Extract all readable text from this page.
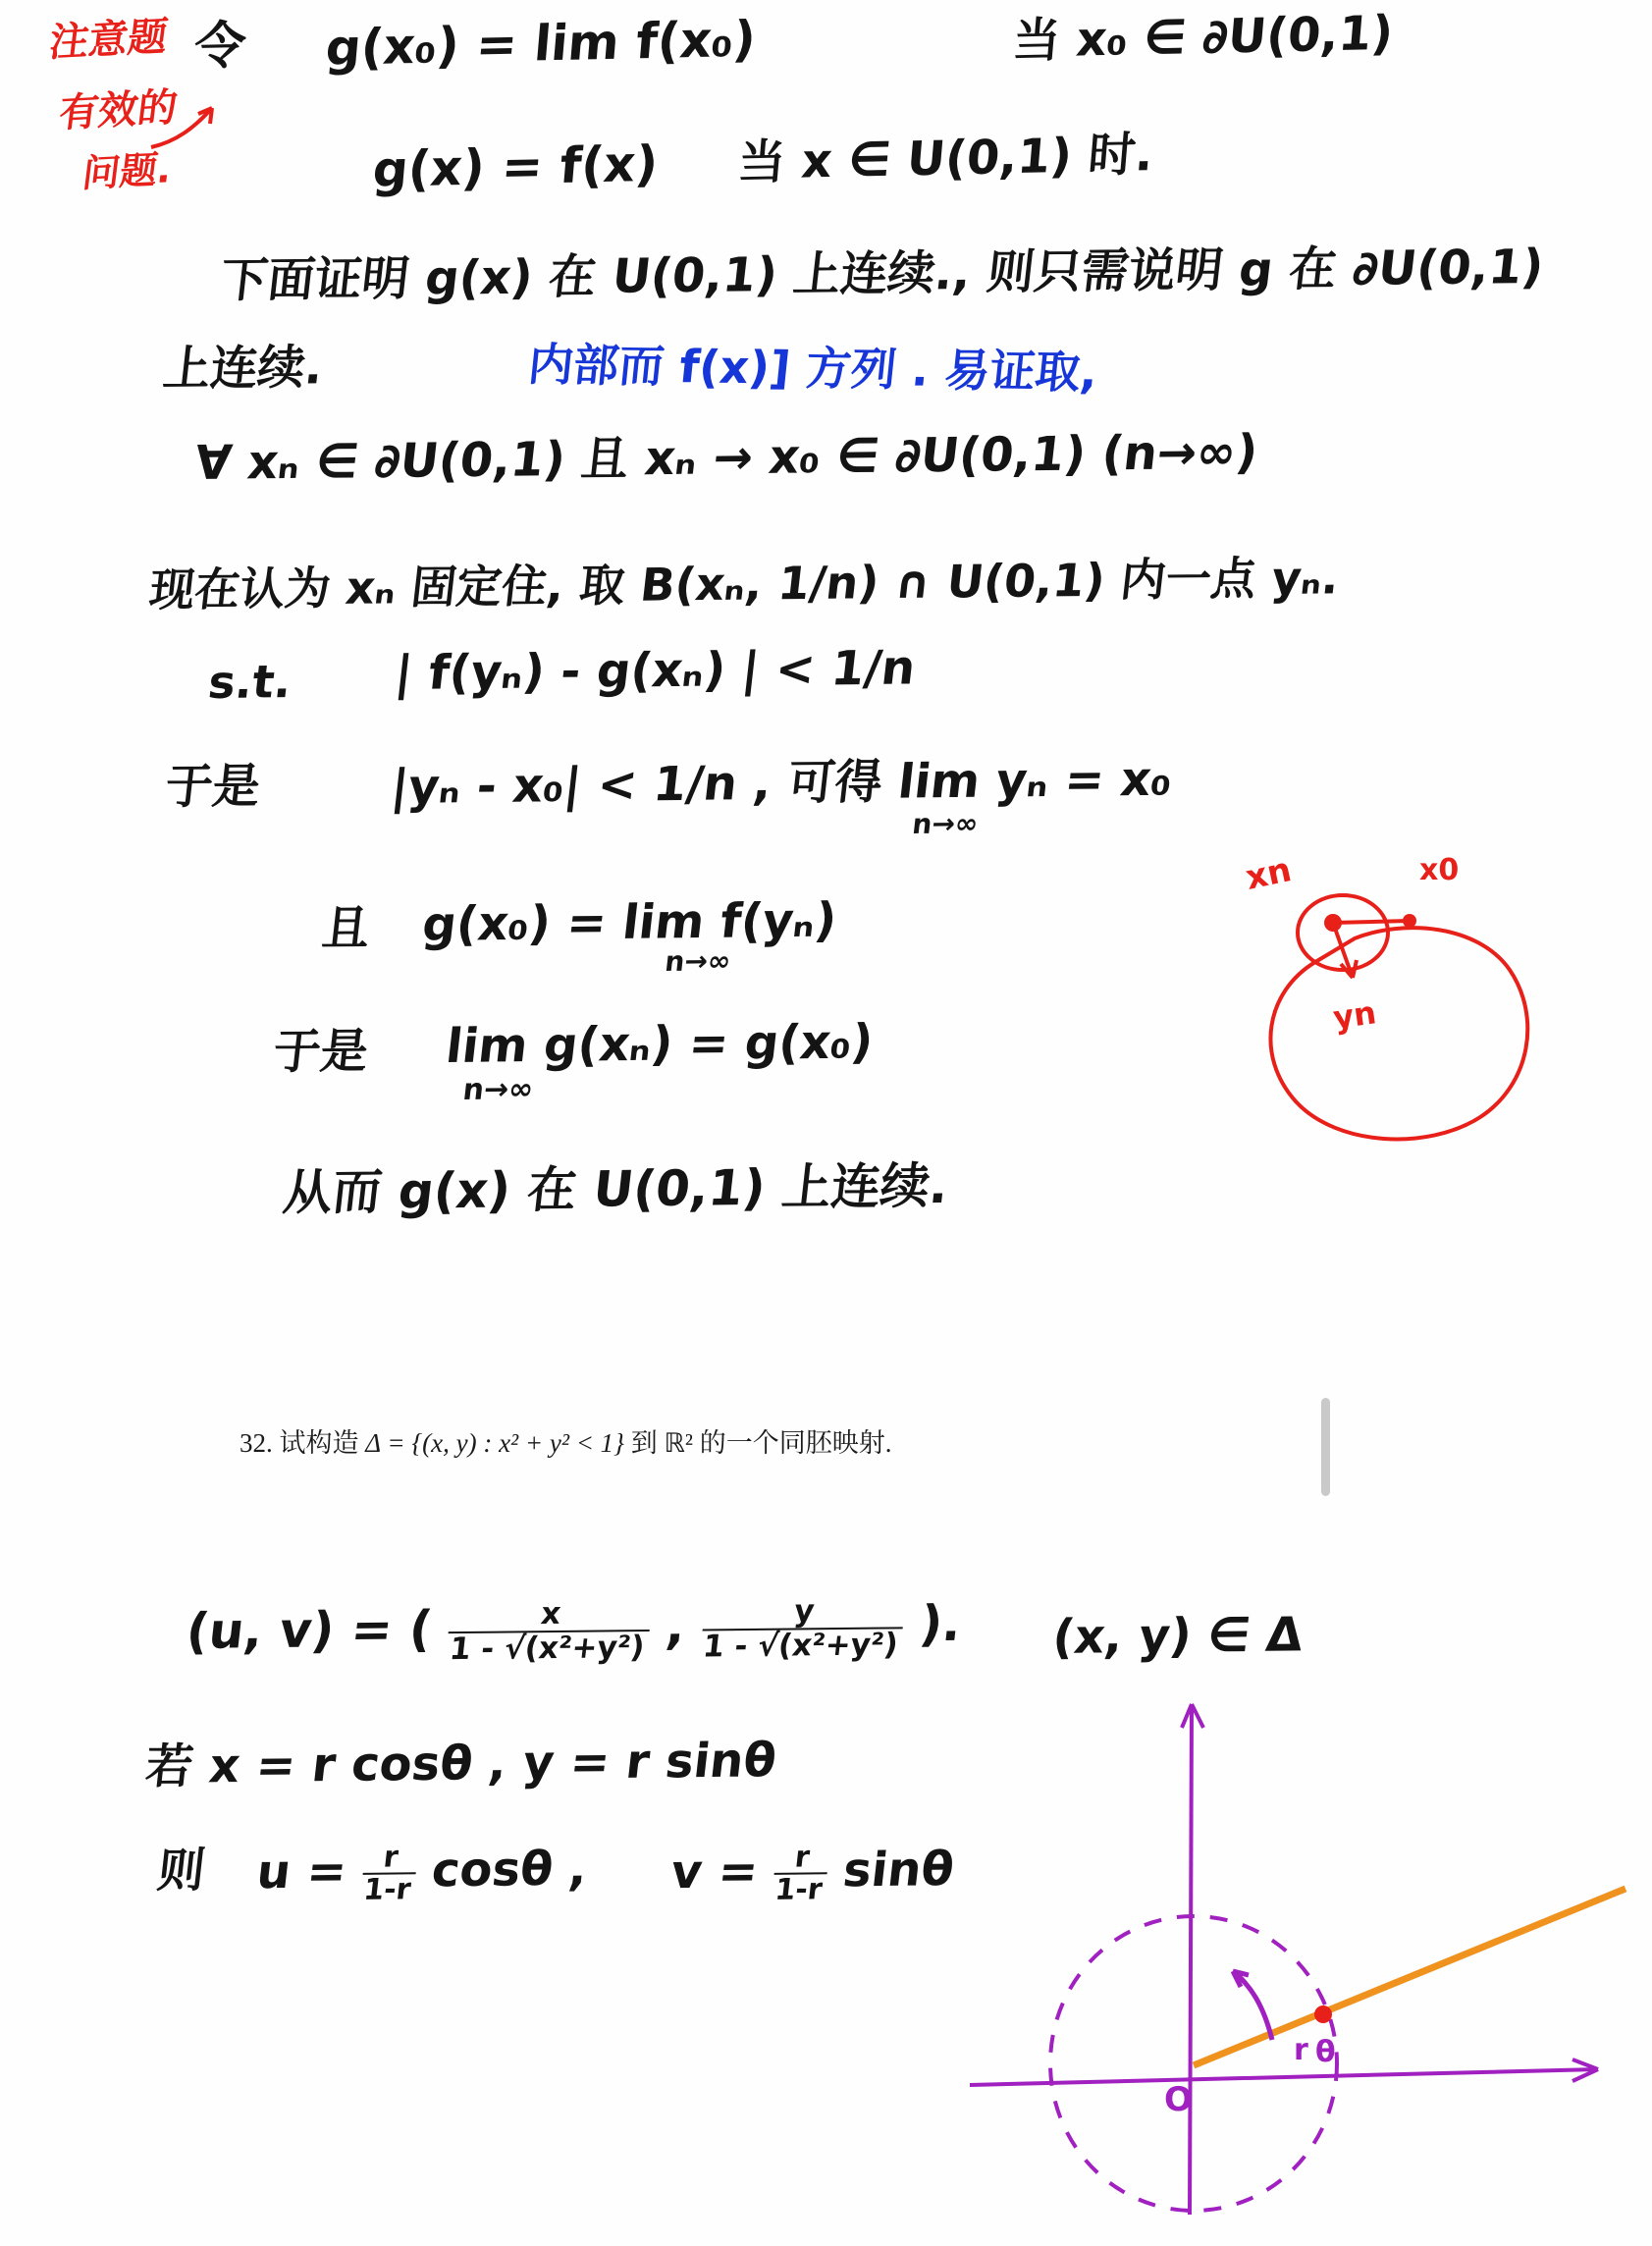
注意题
有效的
问题.
令 g(x₀) = lim f(x₀)	当 x₀ ∈ ∂U(0,1)
g(x) = f(x) 当 x ∈ U(0,1) 时.
下面证明 g(x) 在 U(0,1) 上连续., 则只需说明 g 在 ∂U(0,1)
上连续.	内部而 f(x)] 方列 . 易证取,
∀ xₙ ∈ ∂U(0,1) 且 xₙ → x₀ ∈ ∂U(0,1) (n→∞)
现在认为 xₙ 固定住, 取 B(xₙ, 1/n) ∩ U(0,1) 内一点 yₙ.
s.t. | f(yₙ) - g(xₙ) | < 1/n
于是	|yₙ - x₀| < 1/n , 可得 lim yₙ = x₀
n→∞
且 g(x₀) = lim f(yₙ)
n→∞
于是 lim g(xₙ) = g(x₀)
n→∞
从而 g(x) 在 U(0,1) 上连续.
xn	x0
yn
32. 试构造 Δ = {(x, y) : x² + y² < 1} 到 ℝ² 的一个同胚映射.
(u, v) = ( $\frac{x}{\text{1 - √(x²+y²)}}$ , $\frac{y}{\text{1 - √(x²+y²)}}$ ). (x, y) ∈ Δ
若 x = r cosθ , y = r sinθ
则 $u = \frac{r}{1-r}$ cosθ , $v = \frac{r}{1-r}$ sinθ
O
r θ
